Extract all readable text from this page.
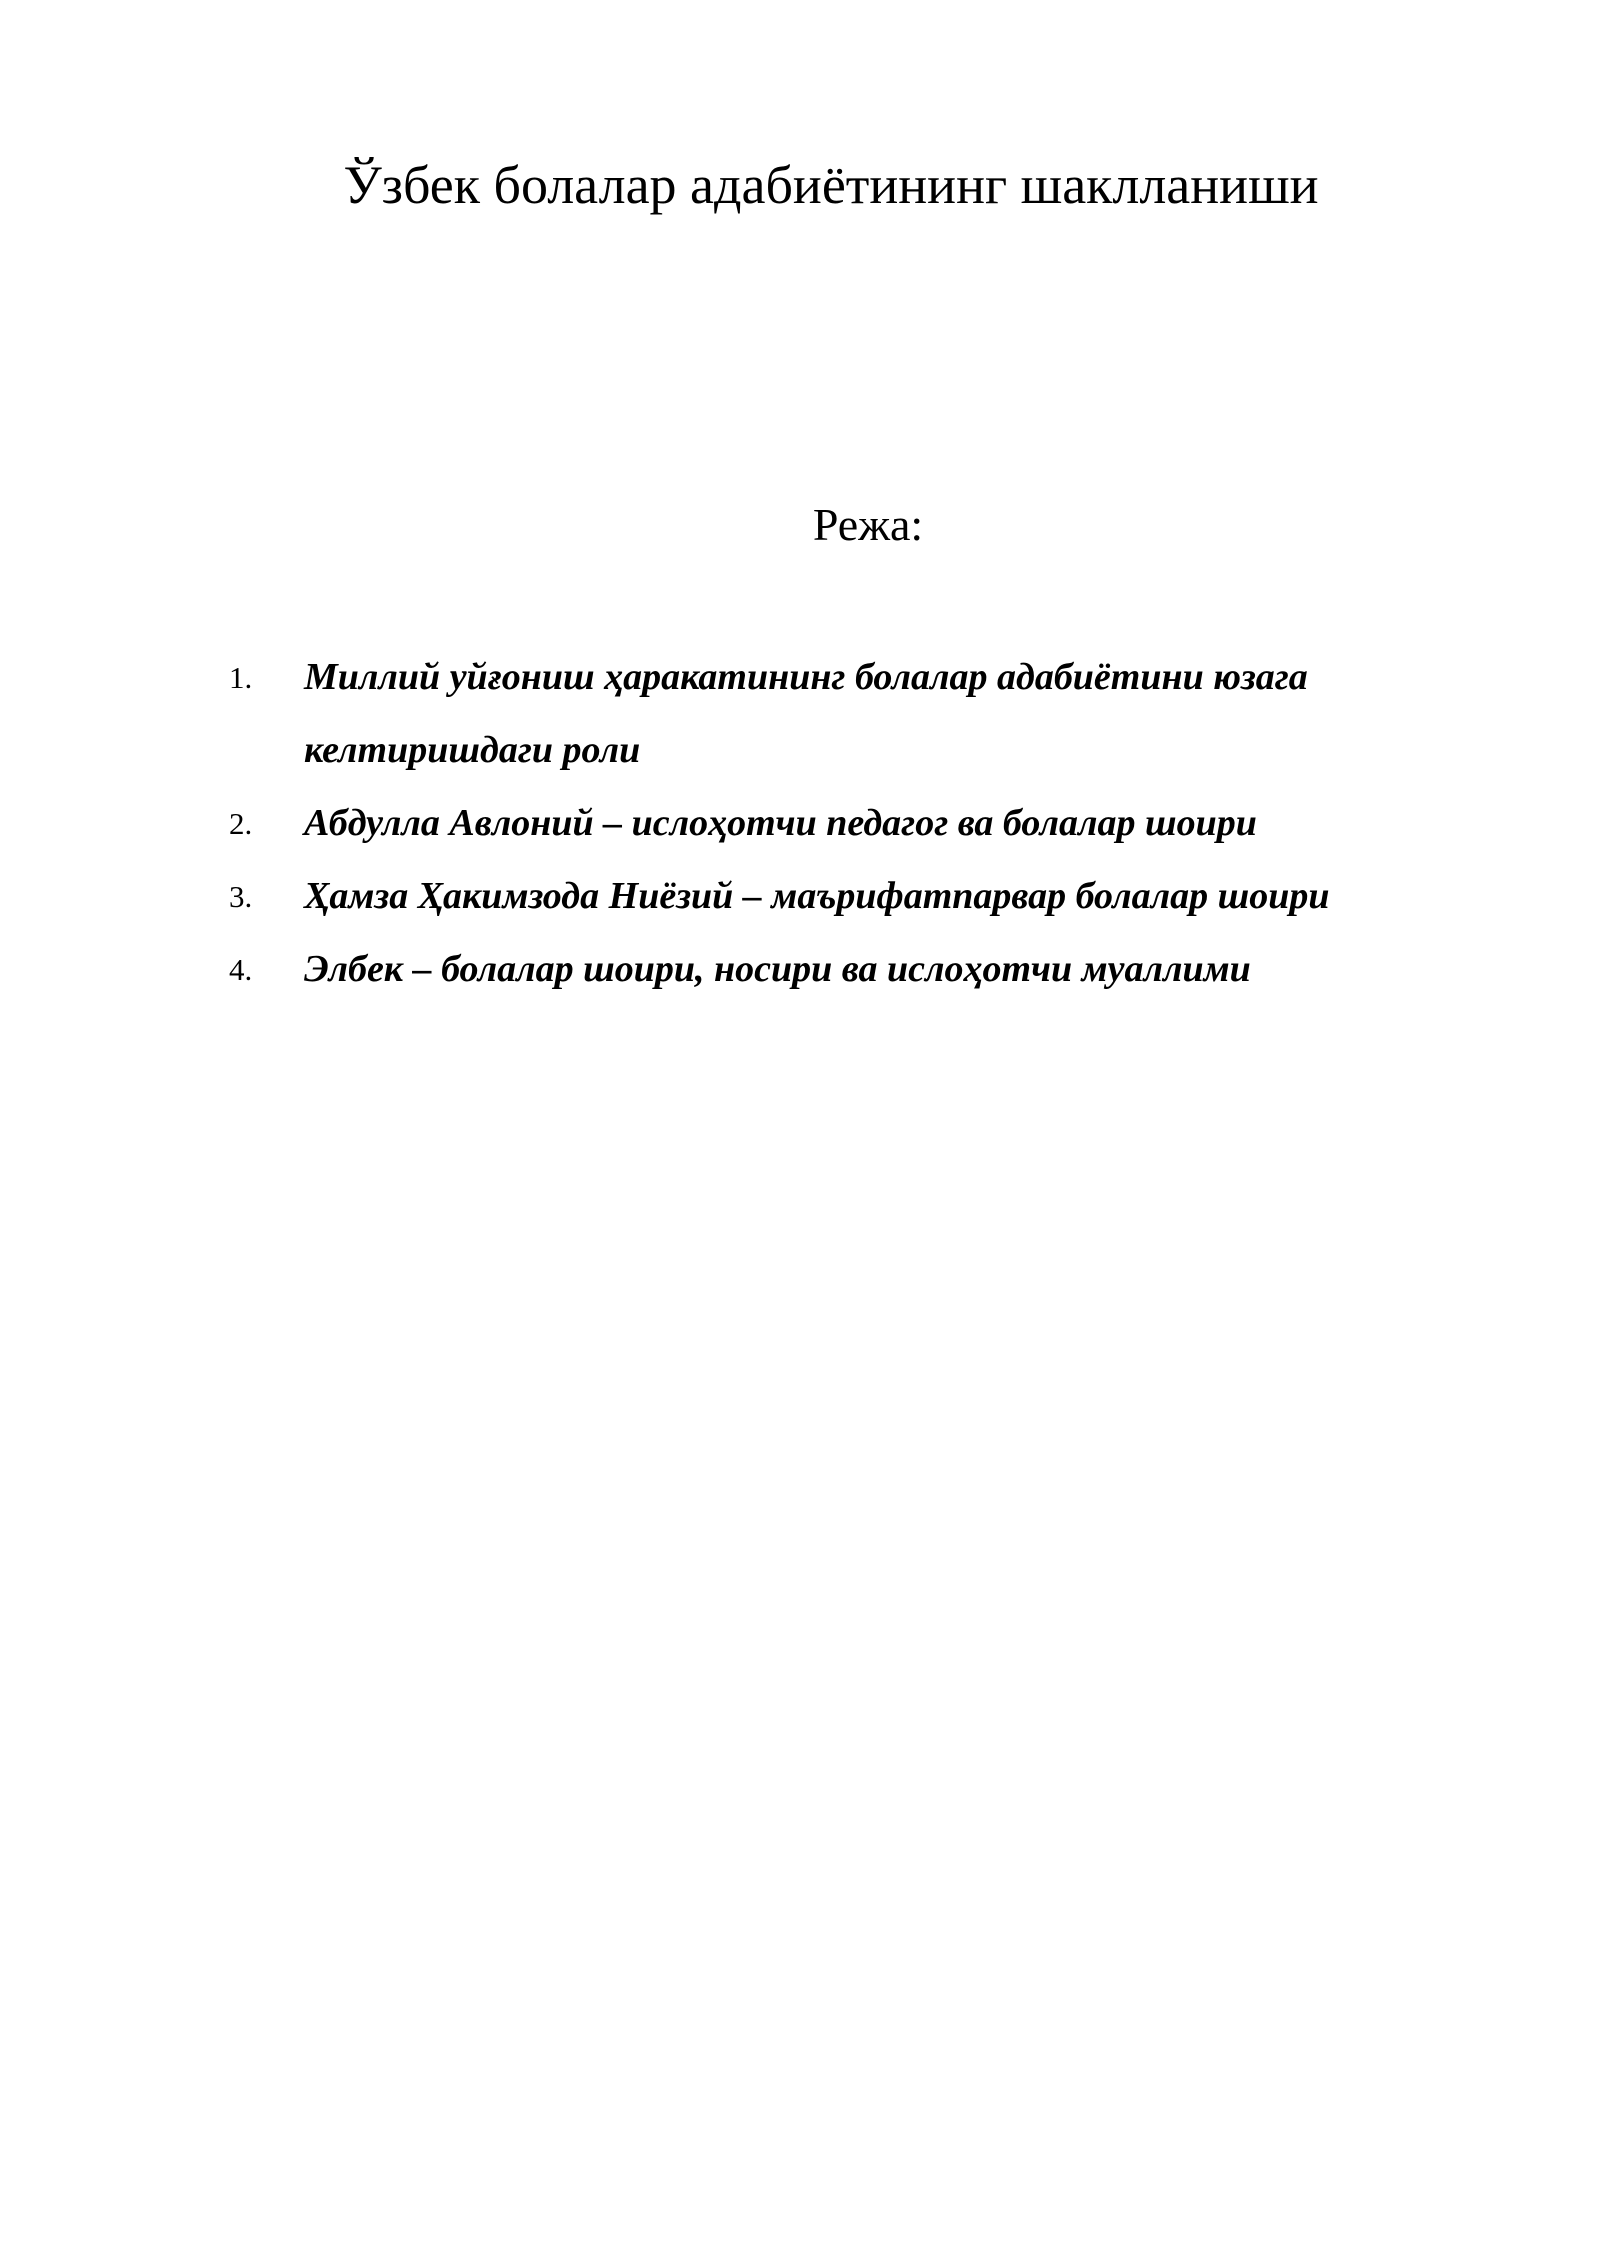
Ўзбек болалар адабиётининг шаклланиши
Режа:
1. Миллий уйғониш ҳаракатининг болалар адабиётини юзага
келтиришдаги роли
2. Абдулла Авлоний – ислоҳотчи педагог ва болалар шоири
3. Ҳамза Ҳакимзода Ниёзий – маърифатпарвар болалар шоири
4. Элбек – болалар шоири, носири ва ислоҳотчи муаллими
